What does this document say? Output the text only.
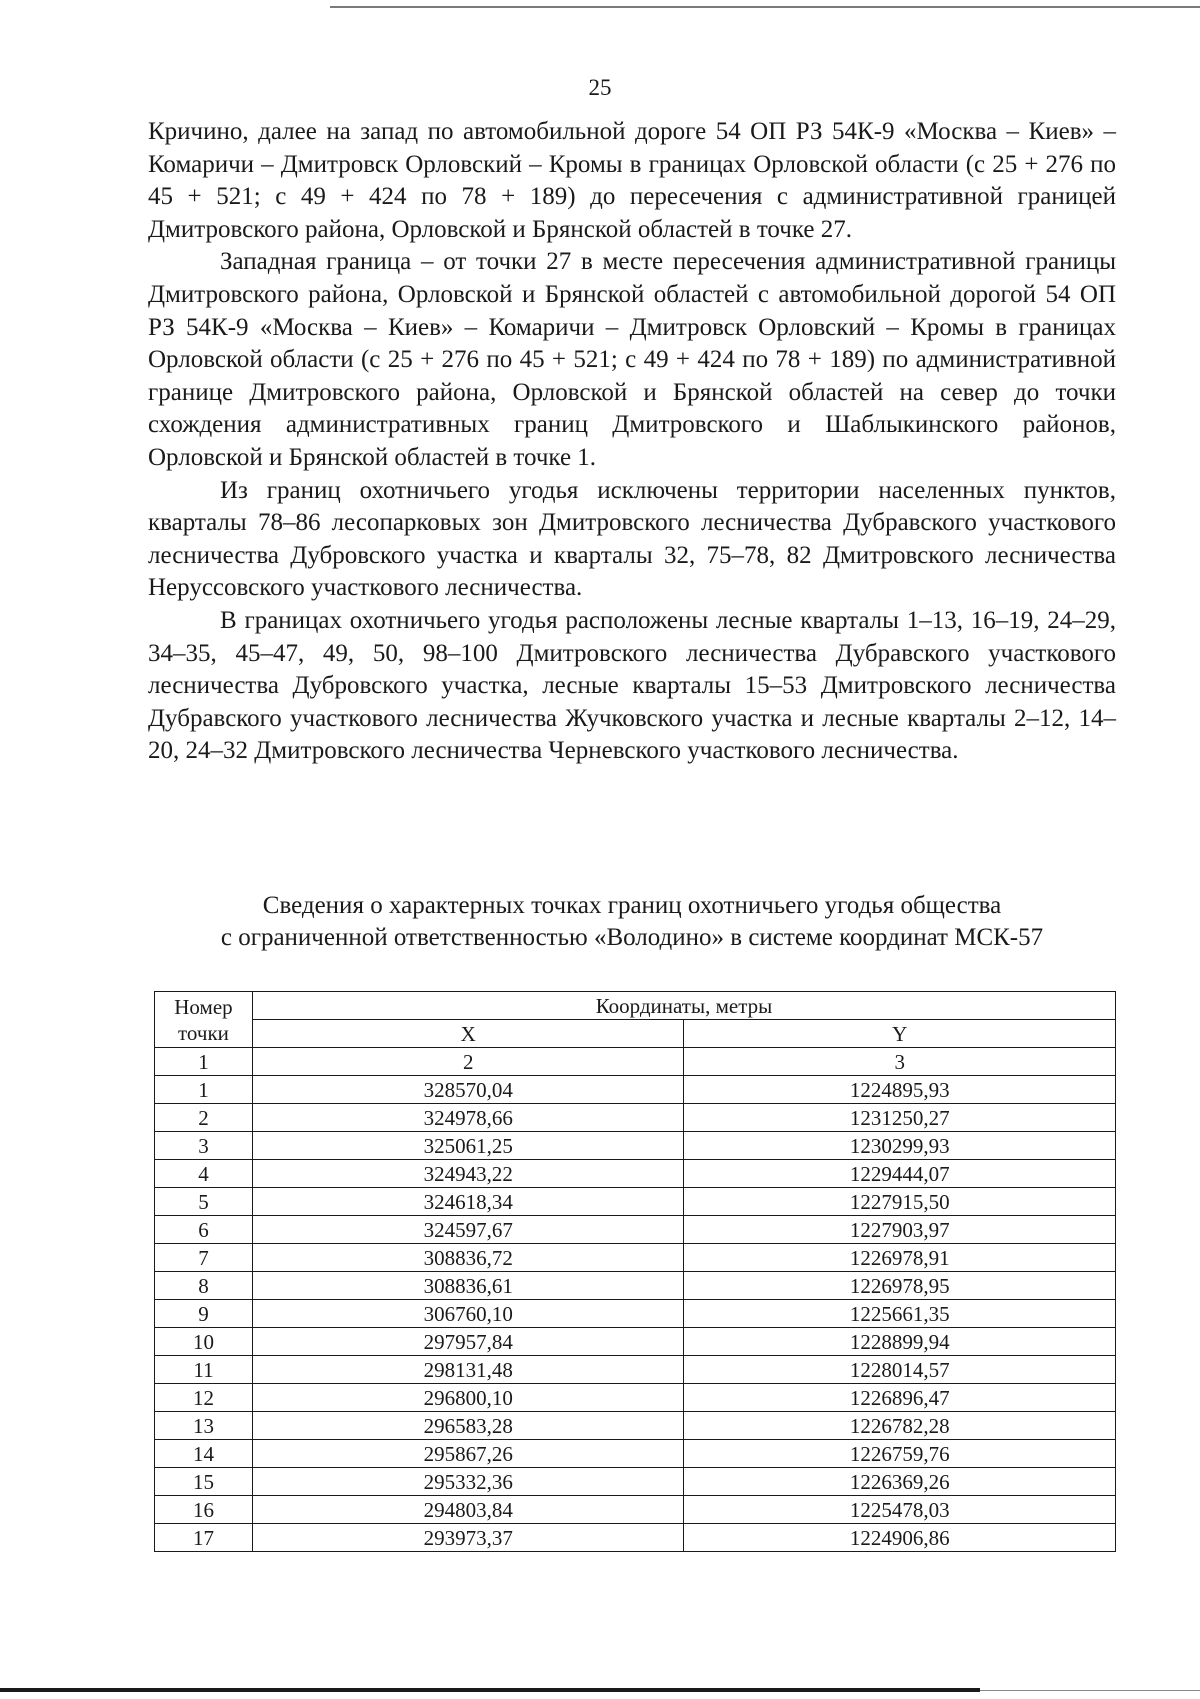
25

Кричино, далее на запад по автомобильной дороге 54 ОП РЗ 54К-9 «Москва – Киев» – Комаричи – Дмитровск Орловский – Кромы в границах Орловской области (с 25 + 276 по 45 + 521; с 49 + 424 по 78 + 189) до пересечения с административной границей Дмитровского района, Орловской и Брянской областей в точке 27.

Западная граница – от точки 27 в месте пересечения административной границы Дмитровского района, Орловской и Брянской областей с автомобильной дорогой 54 ОП РЗ 54К-9 «Москва – Киев» – Комаричи – Дмитровск Орловский – Кромы в границах Орловской области (с 25 + 276 по 45 + 521; с 49 + 424 по 78 + 189) по административной границе Дмитровского района, Орловской и Брянской областей на север до точки схождения административных границ Дмитровского и Шаблыкинского районов, Орловской и Брянской областей в точке 1.

Из границ охотничьего угодья исключены территории населенных пунктов, кварталы 78–86 лесопарковых зон Дмитровского лесничества Дубравского участкового лесничества Дубровского участка и кварталы 32, 75–78, 82 Дмитровского лесничества Неруссовского участкового лесничества.

В границах охотничьего угодья расположены лесные кварталы 1–13, 16–19, 24–29, 34–35, 45–47, 49, 50, 98–100 Дмитровского лесничества Дубравского участкового лесничества Дубровского участка, лесные кварталы 15–53 Дмитровского лесничества Дубравского участкового лесничества Жучковского участка и лесные кварталы 2–12, 14–20, 24–32 Дмитровского лесничества Черневского участкового лесничества.

Сведения о характерных точках границ охотничьего угодья общества
с ограниченной ответственностью «Володино» в системе координат МСК-57
Номер
точки	Координаты, метры	
	X	Y
1	2	3
1	328570,04	1224895,93
2	324978,66	1231250,27
3	325061,25	1230299,93
4	324943,22	1229444,07
5	324618,34	1227915,50
6	324597,67	1227903,97
7	308836,72	1226978,91
8	308836,61	1226978,95
9	306760,10	1225661,35
10	297957,84	1228899,94
11	298131,48	1228014,57
12	296800,10	1226896,47
13	296583,28	1226782,28
14	295867,26	1226759,76
15	295332,36	1226369,26
16	294803,84	1225478,03
17	293973,37	1224906,86
